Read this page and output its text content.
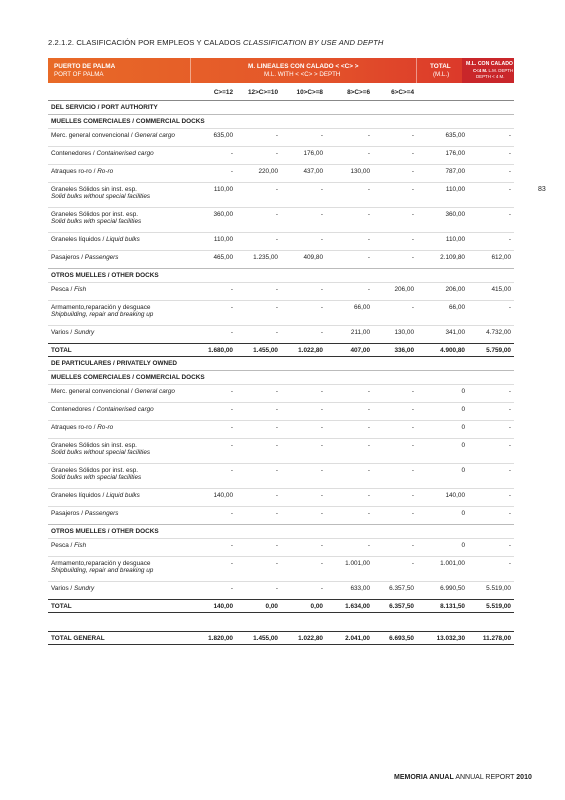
2.2.1.2. CLASIFICACIÓN POR EMPLEOS Y CALADOS CLASSIFICATION BY USE AND DEPTH
PUERTO DE PALMA
PORT OF PALMA
M. LINEALES CON CALADO < <C> >
M.L. WITH < <C> > DEPTH
TOTAL
(M.L.)
M.L. CON CALADO
C<4 M. L.M. DEPTH
DEPTH < 4 M.
	C>=12	12>C>=10	10>C>=8	8>C>=6	6>C>=4		
DEL SERVICIO / PORT AUTHORITY							
MUELLES COMERCIALES / COMMERCIAL DOCKS							
Merc. general convencional / General cargo	635,00	-	-	-	-	635,00	-
Contenedores / Containerised cargo	-	-	176,00	-	-	176,00	-
Atraques ro-ro / Ro-ro	-	220,00	437,00	130,00	-	787,00	-
Graneles Sólidos sin inst. esp.
Solid bulks without special facilities	110,00	-	-	-	-	110,00	-
Graneles Sólidos por inst. esp.
Solid bulks with special facilities	360,00	-	-	-	-	360,00	-
Graneles líquidos / Liquid bulks	110,00	-	-	-	-	110,00	-
Pasajeros / Passengers	465,00	1.235,00	409,80	-	-	2.109,80	612,00
OTROS MUELLES / OTHER DOCKS							
Pesca / Fish	-	-	-	-	206,00	206,00	415,00
Armamento,reparación y desguace
Shipbuilding, repair and breaking up	-	-	-	66,00	-	66,00	-
Varios / Sundry	-	-	-	211,00	130,00	341,00	4.732,00
TOTAL	1.680,00	1.455,00	1.022,80	407,00	336,00	4.900,80	5.759,00
DE PARTICULARES / PRIVATELY OWNED							
MUELLES COMERCIALES / COMMERCIAL DOCKS							
Merc. general convencional / General cargo	-	-	-	-	-	0	-
Contenedores / Containerised cargo	-	-	-	-	-	0	-
Atraques ro-ro / Ro-ro	-	-	-	-	-	0	-
Graneles Sólidos sin inst. esp.
Solid bulks without special facilities	-	-	-	-	-	0	-
Graneles Sólidos por inst. esp.
Solid bulks with special facilities	-	-	-	-	-	0	-
Graneles líquidos / Liquid bulks	140,00	-	-	-	-	140,00	-
Pasajeros / Passengers	-	-	-	-	-	0	-
OTROS MUELLES / OTHER DOCKS							
Pesca / Fish	-	-	-	-	-	0	-
Armamento,reparación y desguace
Shipbuilding, repair and breaking up	-	-	-	1.001,00	-	1.001,00	-
Varios / Sundry	-	-	-	633,00	6.357,50	6.990,50	5.519,00
TOTAL	140,00	0,00	0,00	1.634,00	6.357,50	8.131,50	5.519,00

TOTAL GENERAL	1.820,00	1.455,00	1.022,80	2.041,00	6.693,50	13.032,30	11.278,00
83
MEMORIA ANUAL ANNUAL REPORT 2010
